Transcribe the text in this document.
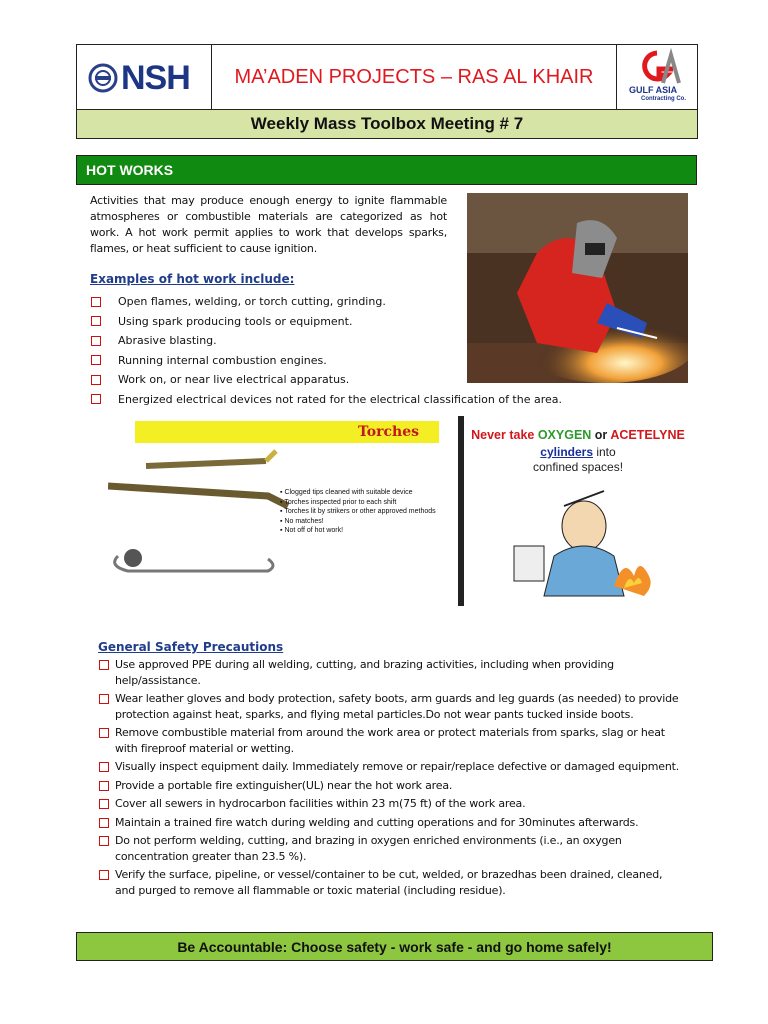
NSH	MA’ADEN PROJECTS – RAS AL KHAIR
GULF ASIA
Contracting Co.
Weekly Mass Toolbox Meeting # 7
HOT WORKS

Activities that may produce enough energy to ignite flammable atmospheres or combustible materials are categorized as hot work. A hot work permit applies to work that develops sparks, flames, or heat sufficient to cause ignition.

Examples of hot work include:
Open flames, welding, or torch cutting, grinding.
Using spark producing tools or equipment.
Abrasive blasting.
Running internal combustion engines.
Work on, or near live electrical apparatus.
Energized electrical devices not rated for the electrical classification of the area.
Torches
▪ Clogged tips cleaned with suitable device
▪ Torches inspected prior to each shift
▪ Torches lit by strikers or other approved methods
▪ No matches!
▪ Not off of hot work!
Never take OXYGEN or ACETELYNE
cylinders into
confined spaces!
General Safety Precautions
Use approved PPE during all welding, cutting, and brazing activities, including when providing help/assistance.
Wear leather gloves and body protection, safety boots, arm guards and leg guards (as needed) to provide protection against heat, sparks, and flying metal particles.Do not wear pants tucked inside boots.
Remove combustible material from around the work area or protect materials from sparks, slag or heat with fireproof material or wetting.
Visually inspect equipment daily. Immediately remove or repair/replace defective or damaged equipment.
Provide a portable fire extinguisher(UL) near the hot work area.
Cover all sewers in hydrocarbon facilities within 23 m(75 ft) of the work area.
Maintain a trained fire watch during welding and cutting operations and for 30minutes afterwards.
Do not perform welding, cutting, and brazing in oxygen enriched environments (i.e., an oxygen concentration greater than 23.5 %).
Verify the surface, pipeline, or vessel/container to be cut, welded, or brazedhas been drained, cleaned, and purged to remove all flammable or toxic material (including residue).
Be Accountable: Choose safety - work safe - and go home safely!
